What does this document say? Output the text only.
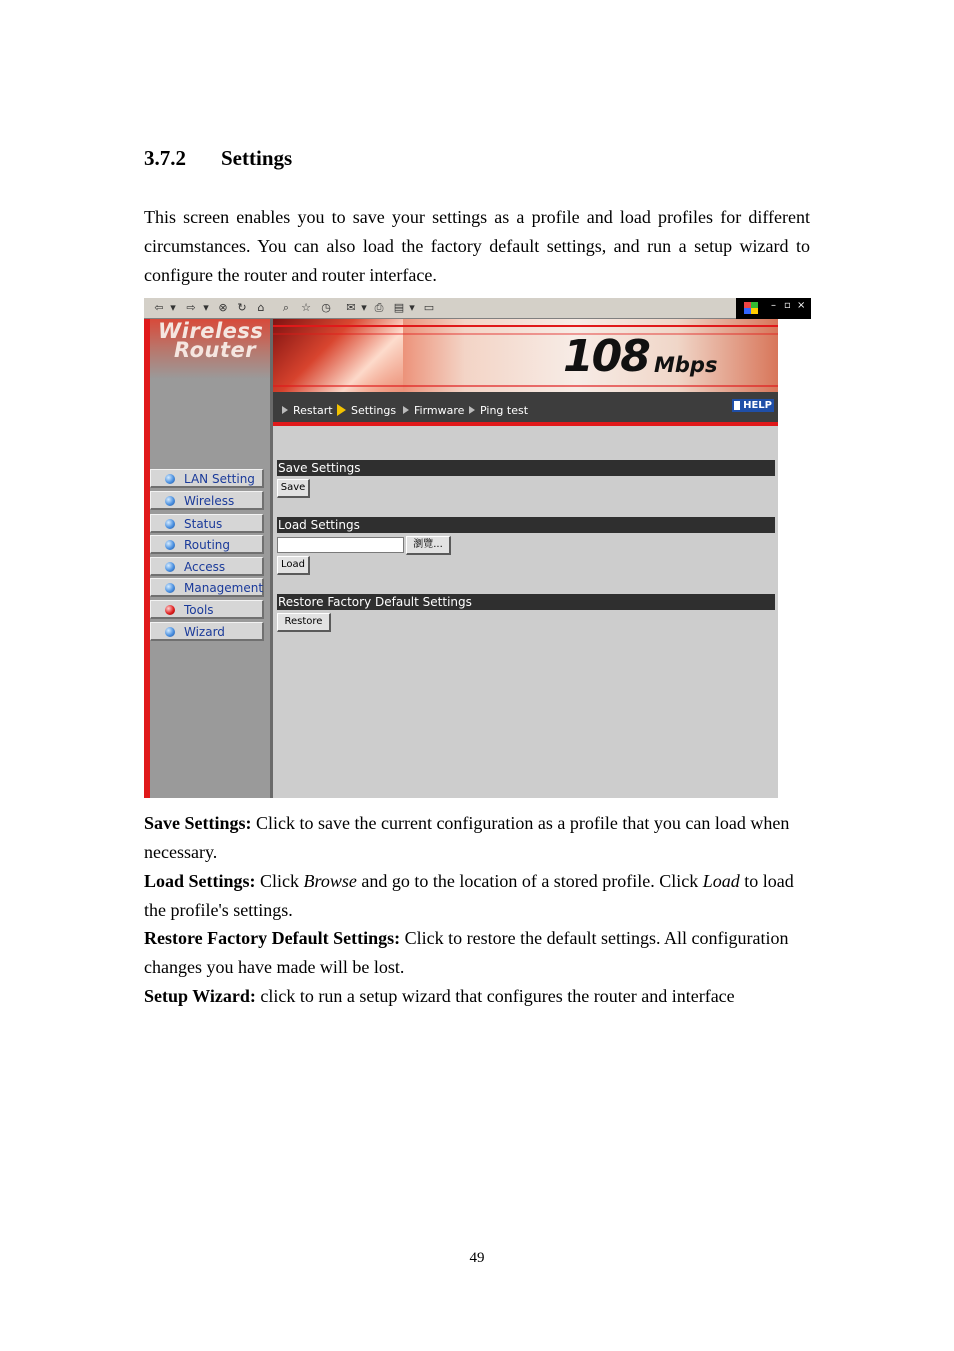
3.7.2 Settings

This screen enables you to save your settings as a profile and load profiles for different circumstances. You can also load the factory default settings, and run a setup wizard to configure the router and router interface.

⇦ ▾ ⇨ ▾ ⊗ ↻ ⌂	⌕	☆ ◷ ✉ ▾ ⎙ ▤ ▾ ▭	– ▫ ×
Wireless
Router	108 Mbps
Restart	Settings	Firmware	Ping test	HELP
LAN Setting
Wireless
Status
Routing
Access
Management
Tools
Wizard
Save Settings
Save
Load Settings
瀏覽...
Load
Restore Factory Default Settings
Restore

Save Settings: Click to save the current configuration as a profile that you can load when necessary.

Load Settings: Click Browse and go to the location of a stored profile. Click Load to load the profile's settings.

Restore Factory Default Settings: Click to restore the default settings. All configuration changes you have made will be lost.

Setup Wizard: click to run a setup wizard that configures the router and interface

49
